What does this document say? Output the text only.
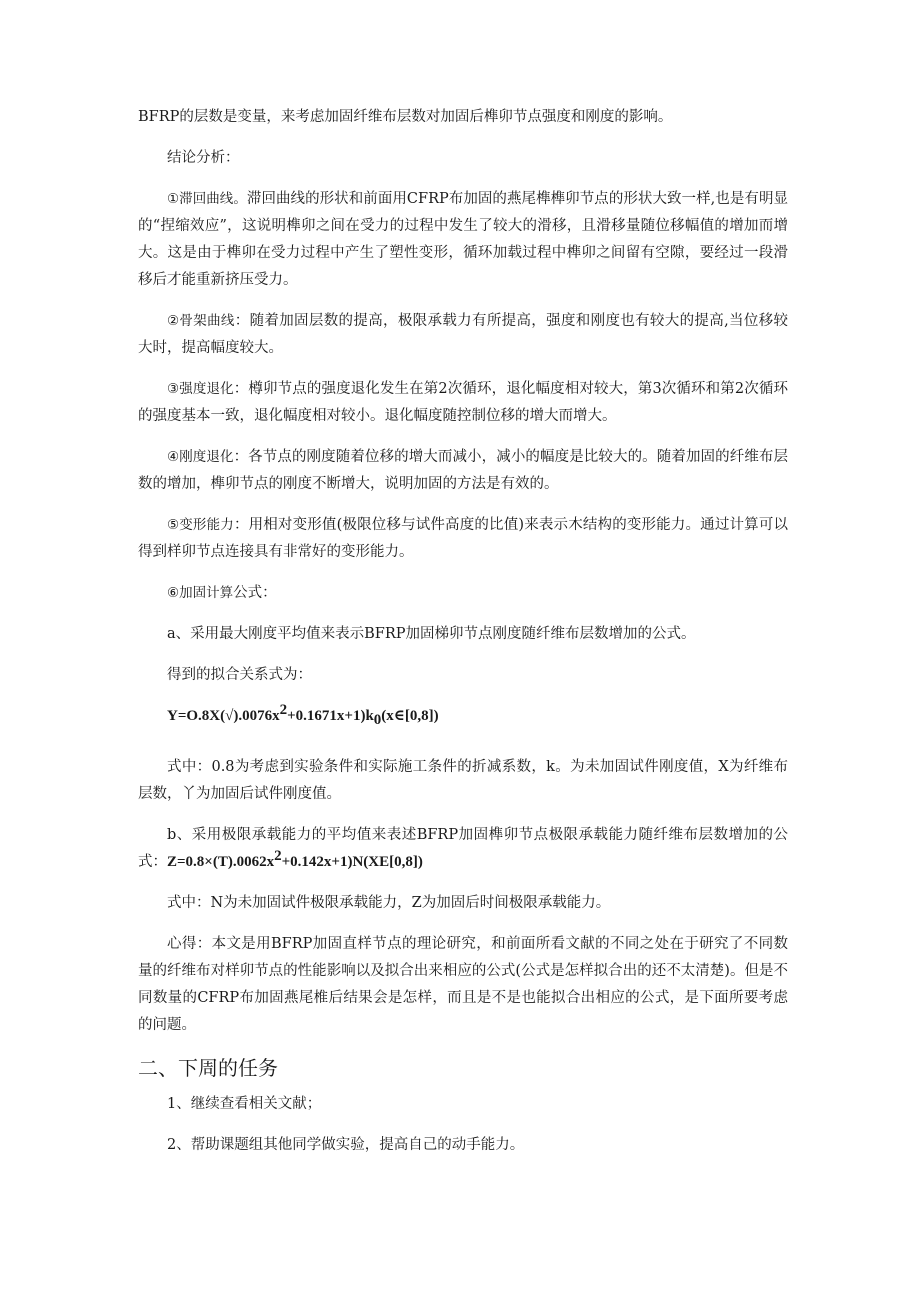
BFRP的层数是变量，来考虑加固纤维布层数对加固后榫卯节点强度和刚度的影响。

结论分析：

①滞回曲线。滞回曲线的形状和前面用CFRP布加固的燕尾榫榫卯节点的形状大致一样,也是有明显的“捏缩效应”，这说明榫卯之间在受力的过程中发生了较大的滑移，且滑移量随位移幅值的增加而增大。这是由于榫卯在受力过程中产生了塑性变形，循环加载过程中榫卯之间留有空隙，要经过一段滑移后才能重新挤压受力。

②骨架曲线：随着加固层数的提高，极限承载力有所提高，强度和刚度也有较大的提高,当位移较大时，提高幅度较大。

③强度退化：樽卯节点的强度退化发生在第2次循环，退化幅度相对较大，第3次循环和第2次循环的强度基本一致，退化幅度相对较小。退化幅度随控制位移的增大而增大。

④刚度退化：各节点的刚度随着位移的增大而减小，减小的幅度是比较大的。随着加固的纤维布层数的增加，榫卯节点的刚度不断增大，说明加固的方法是有效的。

⑤变形能力：用相对变形值(极限位移与试件高度的比值)来表示木结构的变形能力。通过计算可以得到样卯节点连接具有非常好的变形能力。

⑥加固计算公式：

a、采用最大刚度平均值来表示BFRP加固梯卯节点刚度随纤维布层数增加的公式。

得到的拟合关系式为：

$Y=O.8X(√).0076x^2+0.1671x+1)k_0(x\in[0,8])$

式中：0.8为考虑到实验条件和实际施工条件的折减系数，k。为未加固试件刚度值，X为纤维布层数，丫为加固后试件刚度值。

b、采用极限承载能力的平均值来表述BFRP加固榫卯节点极限承载能力随纤维布层数增加的公式：$Z=0.8\times(T).0062x^2+0.142x+1)N(XE[0,8])$

式中：N为未加固试件极限承载能力，Z为加固后时间极限承载能力。

心得：本文是用BFRP加固直样节点的理论研究，和前面所看文献的不同之处在于研究了不同数量的纤维布对样卯节点的性能影响以及拟合出来相应的公式(公式是怎样拟合出的还不太清楚)。但是不同数量的CFRP布加固燕尾椎后结果会是怎样，而且是不是也能拟合出相应的公式，是下面所要考虑的问题。

二、下周的任务

1、继续查看相关文献；

2、帮助课题组其他同学做实验，提高自己的动手能力。
